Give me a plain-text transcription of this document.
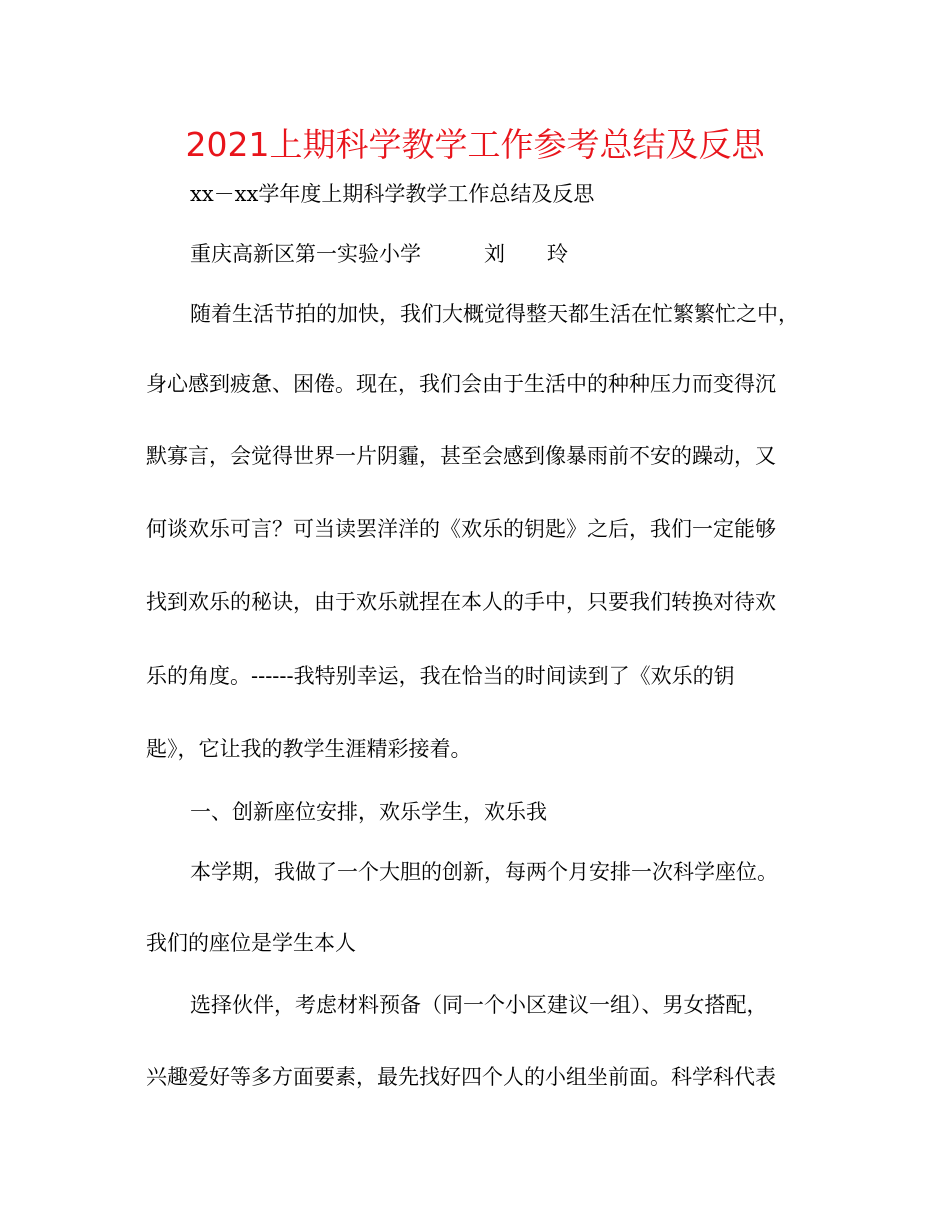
2021上期科学教学工作参考总结及反思
xx－xx学年度上期科学教学工作总结及反思
重庆高新区第一实验小学　　　刘　　玲
随着生活节拍的加快，我们大概觉得整天都生活在忙繁繁忙之中，
身心感到疲惫、困倦。现在，我们会由于生活中的种种压力而变得沉
默寡言，会觉得世界一片阴霾，甚至会感到像暴雨前不安的躁动，又
何谈欢乐可言？可当读罢洋洋的《欢乐的钥匙》之后，我们一定能够
找到欢乐的秘诀，由于欢乐就捏在本人的手中，只要我们转换对待欢
乐的角度。------我特别幸运，我在恰当的时间读到了《欢乐的钥
匙》，它让我的教学生涯精彩接着。
一、创新座位安排，欢乐学生，欢乐我
本学期，我做了一个大胆的创新，每两个月安排一次科学座位。
我们的座位是学生本人
选择伙伴，考虑材料预备（同一个小区建议一组）、男女搭配，
兴趣爱好等多方面要素，最先找好四个人的小组坐前面。科学科代表
